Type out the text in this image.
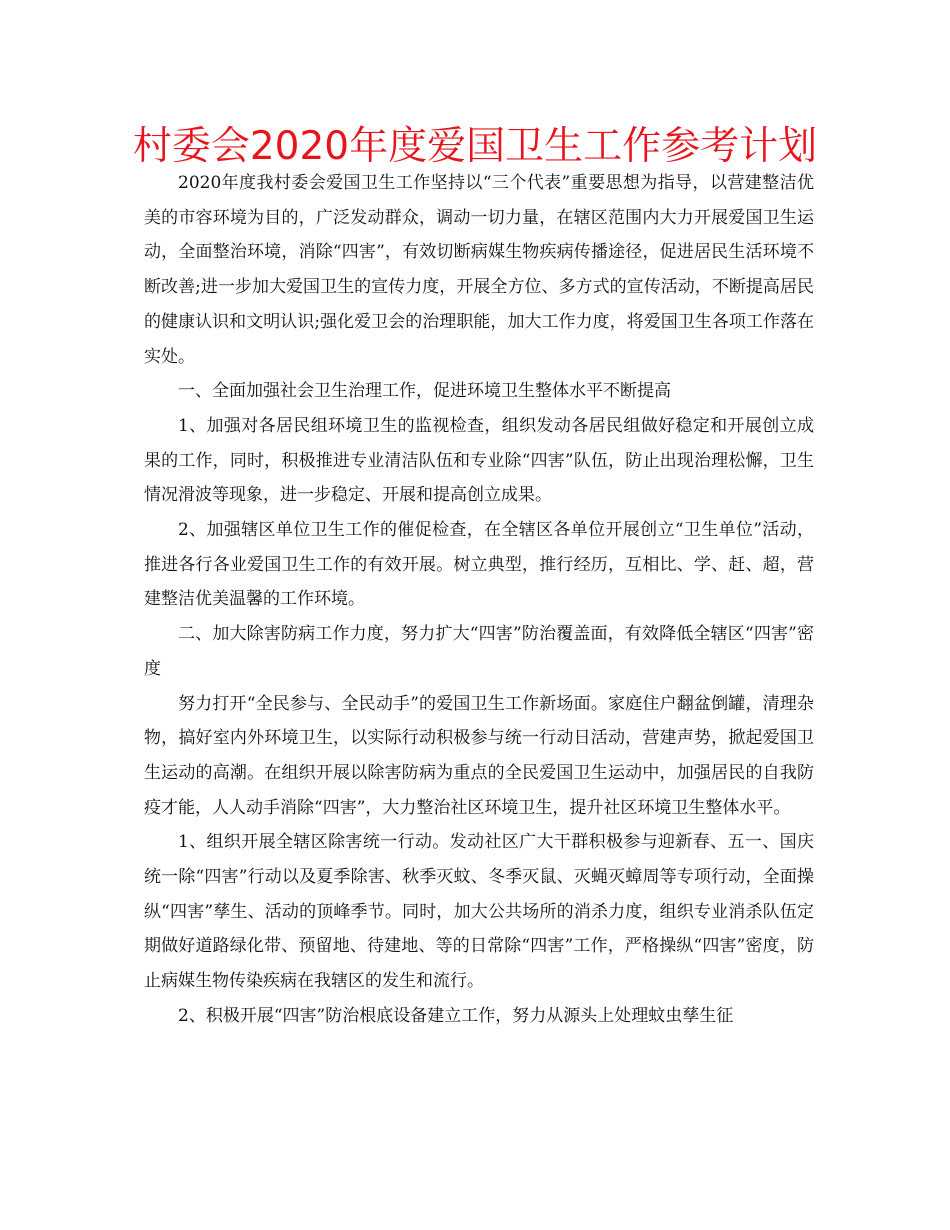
村委会2020年度爱国卫生工作参考计划

2020年度我村委会爱国卫生工作坚持以“三个代表”重要思想为指导，以营建整洁优美的市容环境为目的，广泛发动群众，调动一切力量，在辖区范围内大力开展爱国卫生运动，全面整治环境，消除“四害”，有效切断病媒生物疾病传播途径，促进居民生活环境不断改善;进一步加大爱国卫生的宣传力度，开展全方位、多方式的宣传活动，不断提高居民的健康认识和文明认识;强化爱卫会的治理职能，加大工作力度，将爱国卫生各项工作落在实处。

一、全面加强社会卫生治理工作，促进环境卫生整体水平不断提高

1、加强对各居民组环境卫生的监视检查，组织发动各居民组做好稳定和开展创立成果的工作，同时，积极推进专业清洁队伍和专业除“四害”队伍，防止出现治理松懈，卫生情况滑波等现象，进一步稳定、开展和提高创立成果。

2、加强辖区单位卫生工作的催促检查，在全辖区各单位开展创立“卫生单位”活动，推进各行各业爱国卫生工作的有效开展。树立典型，推行经历，互相比、学、赶、超，营建整洁优美温馨的工作环境。

二、加大除害防病工作力度，努力扩大“四害”防治覆盖面，有效降低全辖区“四害”密度

努力打开“全民参与、全民动手”的爱国卫生工作新场面。家庭住户翻盆倒罐，清理杂物，搞好室内外环境卫生，以实际行动积极参与统一行动日活动，营建声势，掀起爱国卫生运动的高潮。在组织开展以除害防病为重点的全民爱国卫生运动中，加强居民的自我防疫才能，人人动手消除“四害”，大力整治社区环境卫生，提升社区环境卫生整体水平。

1、组织开展全辖区除害统一行动。发动社区广大干群积极参与迎新春、五一、国庆统一除“四害”行动以及夏季除害、秋季灭蚊、冬季灭鼠、灭蝇灭蟑周等专项行动，全面操纵“四害”孳生、活动的顶峰季节。同时，加大公共场所的消杀力度，组织专业消杀队伍定期做好道路绿化带、预留地、待建地、等的日常除“四害”工作，严格操纵“四害”密度，防止病媒生物传染疾病在我辖区的发生和流行。

2、积极开展“四害”防治根底设备建立工作，努力从源头上处理蚊虫孳生征
